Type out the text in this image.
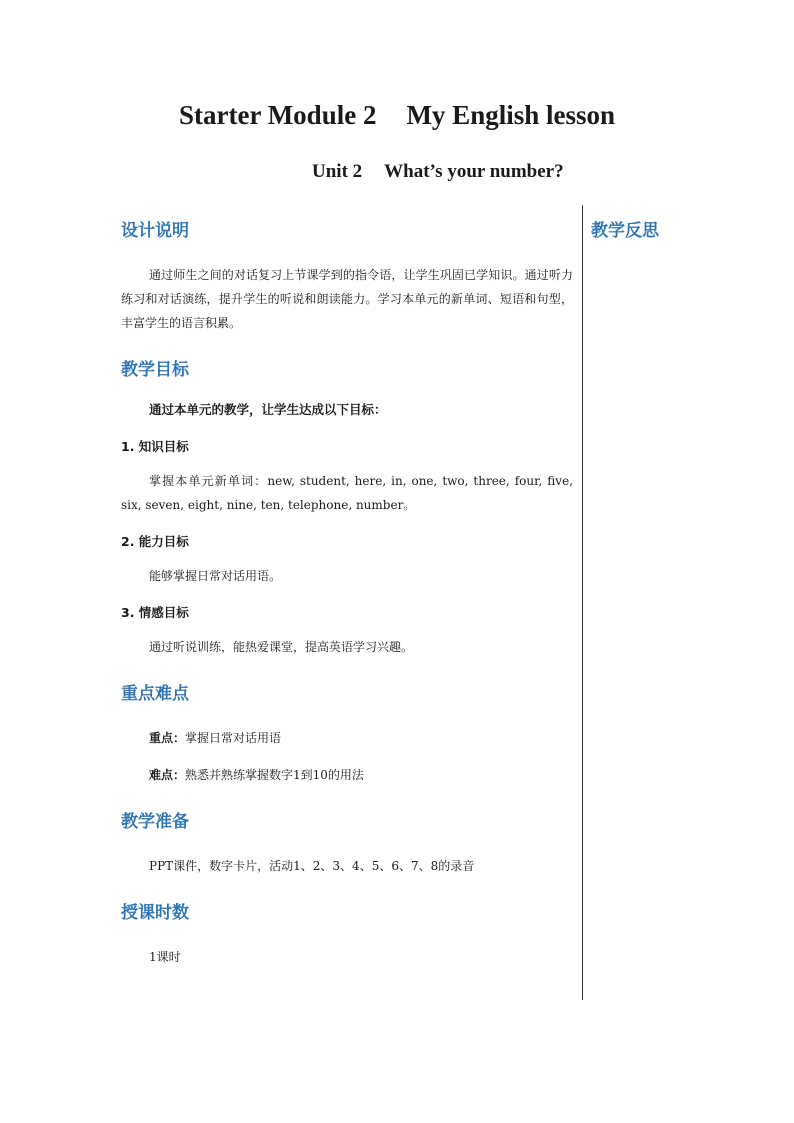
Starter Module 2 My English lesson
Unit 2 What’s your number?
教学反思
设计说明

通过师生之间的对话复习上节课学到的指令语，让学生巩固已学知识。通过听力练习和对话演练，提升学生的听说和朗读能力。学习本单元的新单词、短语和句型，丰富学生的语言积累。

教学目标

通过本单元的教学，让学生达成以下目标：

1. 知识目标

掌握本单元新单词：new, student, here, in, one, two, three, four, five, six, seven, eight, nine, ten, telephone, number。

2. 能力目标

能够掌握日常对话用语。

3. 情感目标

通过听说训练，能热爱课堂，提高英语学习兴趣。

重点难点

重点：掌握日常对话用语

难点：熟悉并熟练掌握数字1到10的用法

教学准备

PPT课件，数字卡片，活动1、2、3、4、5、6、7、8的录音

授课时数

1课时
